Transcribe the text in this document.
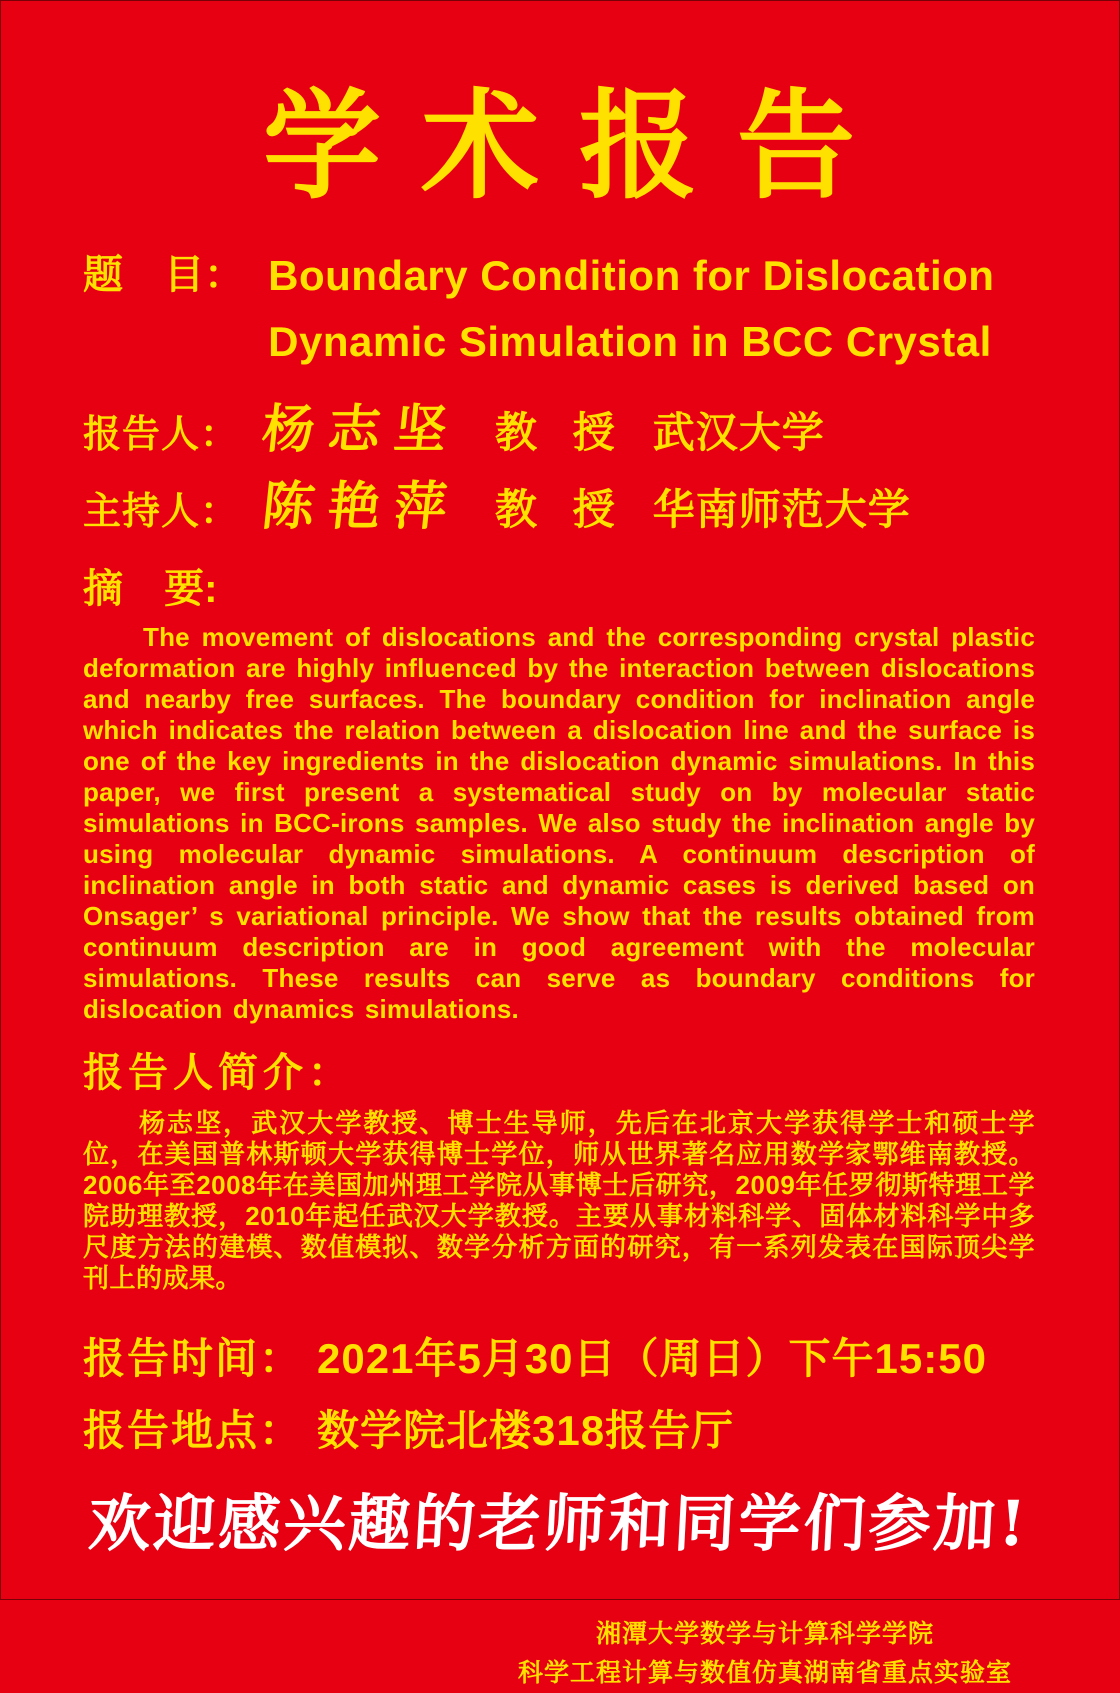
学术报告
题 目： Boundary Condition for Dislocation
Dynamic Simulation in BCC Crystal
报告人： 杨志坚 教 授 武汉大学
主持人： 陈艳萍 教 授 华南师范大学
摘 要:

The movement of dislocations and the corresponding crystal plastic deformation are highly influenced by the interaction between dislocations and nearby free surfaces. The boundary condition for inclination angle which indicates the relation between a dislocation line and the surface is one of the key ingredients in the dislocation dynamic simulations. In this paper, we first present a systematical study on by molecular static simulations in BCC-irons samples. We also study the inclination angle by using molecular dynamic simulations. A continuum description of inclination angle in both static and dynamic cases is derived based on Onsager’ s variational principle. We show that the results obtained from continuum description are in good agreement with the molecular simulations. These results can serve as boundary conditions for dislocation dynamics simulations.

报告人简介：

杨志坚，武汉大学教授、博士生导师，先后在北京大学获得学士和硕士学位，在美国普林斯顿大学获得博士学位，师从世界著名应用数学家鄂维南教授。2006年至2008年在美国加州理工学院从事博士后研究，2009年任罗彻斯特理工学院助理教授，2010年起任武汉大学教授。主要从事材料科学、固体材料科学中多尺度方法的建模、数值模拟、数学分析方面的研究，有一系列发表在国际顶尖学刊上的成果。

报告时间： 2021年5月30日（周日）下午15:50
报告地点： 数学院北楼318报告厅
欢迎感兴趣的老师和同学们参加!
湘潭大学数学与计算科学学院
科学工程计算与数值仿真湖南省重点实验室
